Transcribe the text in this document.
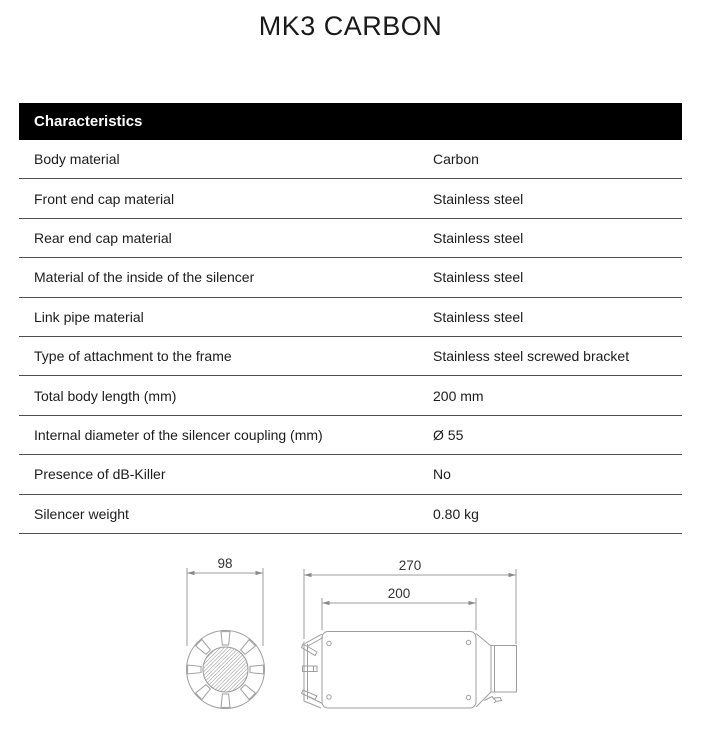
MK3 CARBON
Characteristics
Body material	Carbon
Front end cap material	Stainless steel
Rear end cap material	Stainless steel
Material of the inside of the silencer	Stainless steel
Link pipe material	Stainless steel
Type of attachment to the frame	Stainless steel screwed bracket
Total body length (mm)	200 mm
Internal diameter of the silencer coupling (mm)	Ø 55
Presence of dB-Killer	No
Silencer weight	0.80 kg
98	270
200
